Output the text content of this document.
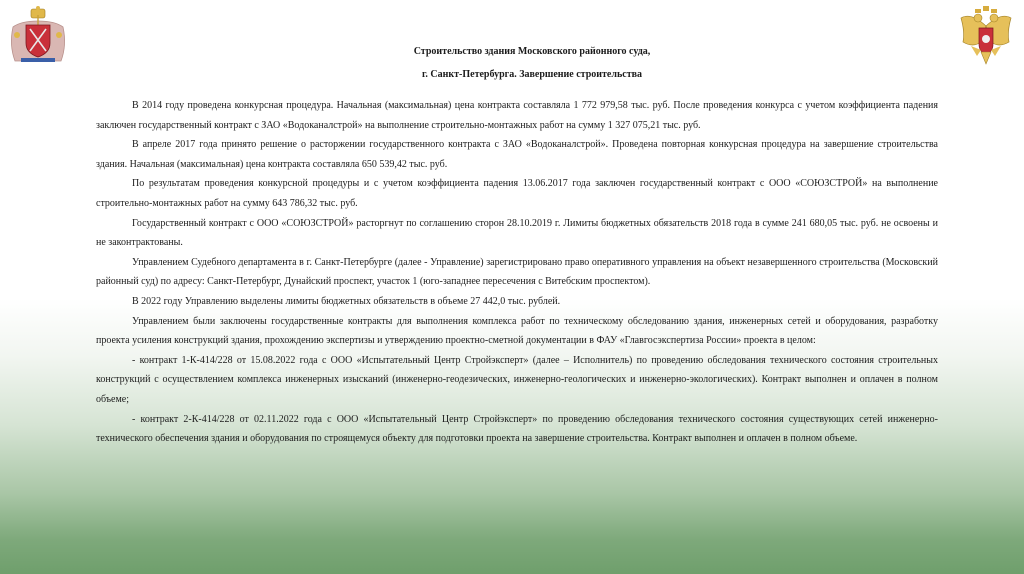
Строительство здания Московского районного суда,
г. Санкт-Петербурга. Завершение строительства

В 2014 году проведена конкурсная процедура. Начальная (максимальная) цена контракта составляла 1 772 979,58 тыс. руб. После проведения конкурса с учетом коэффициента падения заключен государственный контракт с ЗАО «Водоканалстрой» на выполнение строительно-монтажных работ на сумму 1 327 075,21 тыс. руб.

В апреле 2017 года принято решение о расторжении государственного контракта с ЗАО «Водоканалстрой». Проведена повторная конкурсная процедура на завершение строительства здания. Начальная (максимальная) цена контракта составляла 650 539,42 тыс. руб.

По результатам проведения конкурсной процедуры и с учетом коэффициента падения 13.06.2017 года заключен государственный контракт с ООО «СОЮЗСТРОЙ» на выполнение строительно-монтажных работ на сумму 643 786,32 тыс. руб.

Государственный контракт с ООО «СОЮЗСТРОЙ» расторгнут по соглашению сторон 28.10.2019 г. Лимиты бюджетных обязательств 2018 года в сумме 241 680,05 тыс. руб. не освоены и не законтрактованы.

Управлением Судебного департамента в г. Санкт-Петербурге (далее - Управление) зарегистрировано право оперативного управления на объект незавершенного строительства (Московский районный суд) по адресу: Санкт-Петербург, Дунайский проспект, участок 1 (юго-западнее пересечения с Витебским проспектом).

В 2022 году Управлению выделены лимиты бюджетных обязательств в объеме 27 442,0 тыс. рублей.

Управлением были заключены государственные контракты для выполнения комплекса работ по техническому обследованию здания, инженерных сетей и оборудования, разработку проекта усиления конструкций здания, прохождению экспертизы и утверждению проектно-сметной документации в ФАУ «Главгосэкспертиза России» проекта в целом:

- контракт 1-К-414/228 от 15.08.2022 года с ООО «Испытательный Центр Стройэксперт» (далее – Исполнитель) по проведению обследования технического состояния строительных конструкций с осуществлением комплекса инженерных изысканий (инженерно-геодезических, инженерно-геологических и инженерно-экологических). Контракт выполнен и оплачен в полном объеме;

- контракт 2-К-414/228 от 02.11.2022 года с ООО «Испытательный Центр Стройэксперт» по проведению обследования технического состояния существующих сетей инженерно-технического обеспечения здания и оборудования по строящемуся объекту для подготовки проекта на завершение строительства. Контракт выполнен и оплачен в полном объеме.
